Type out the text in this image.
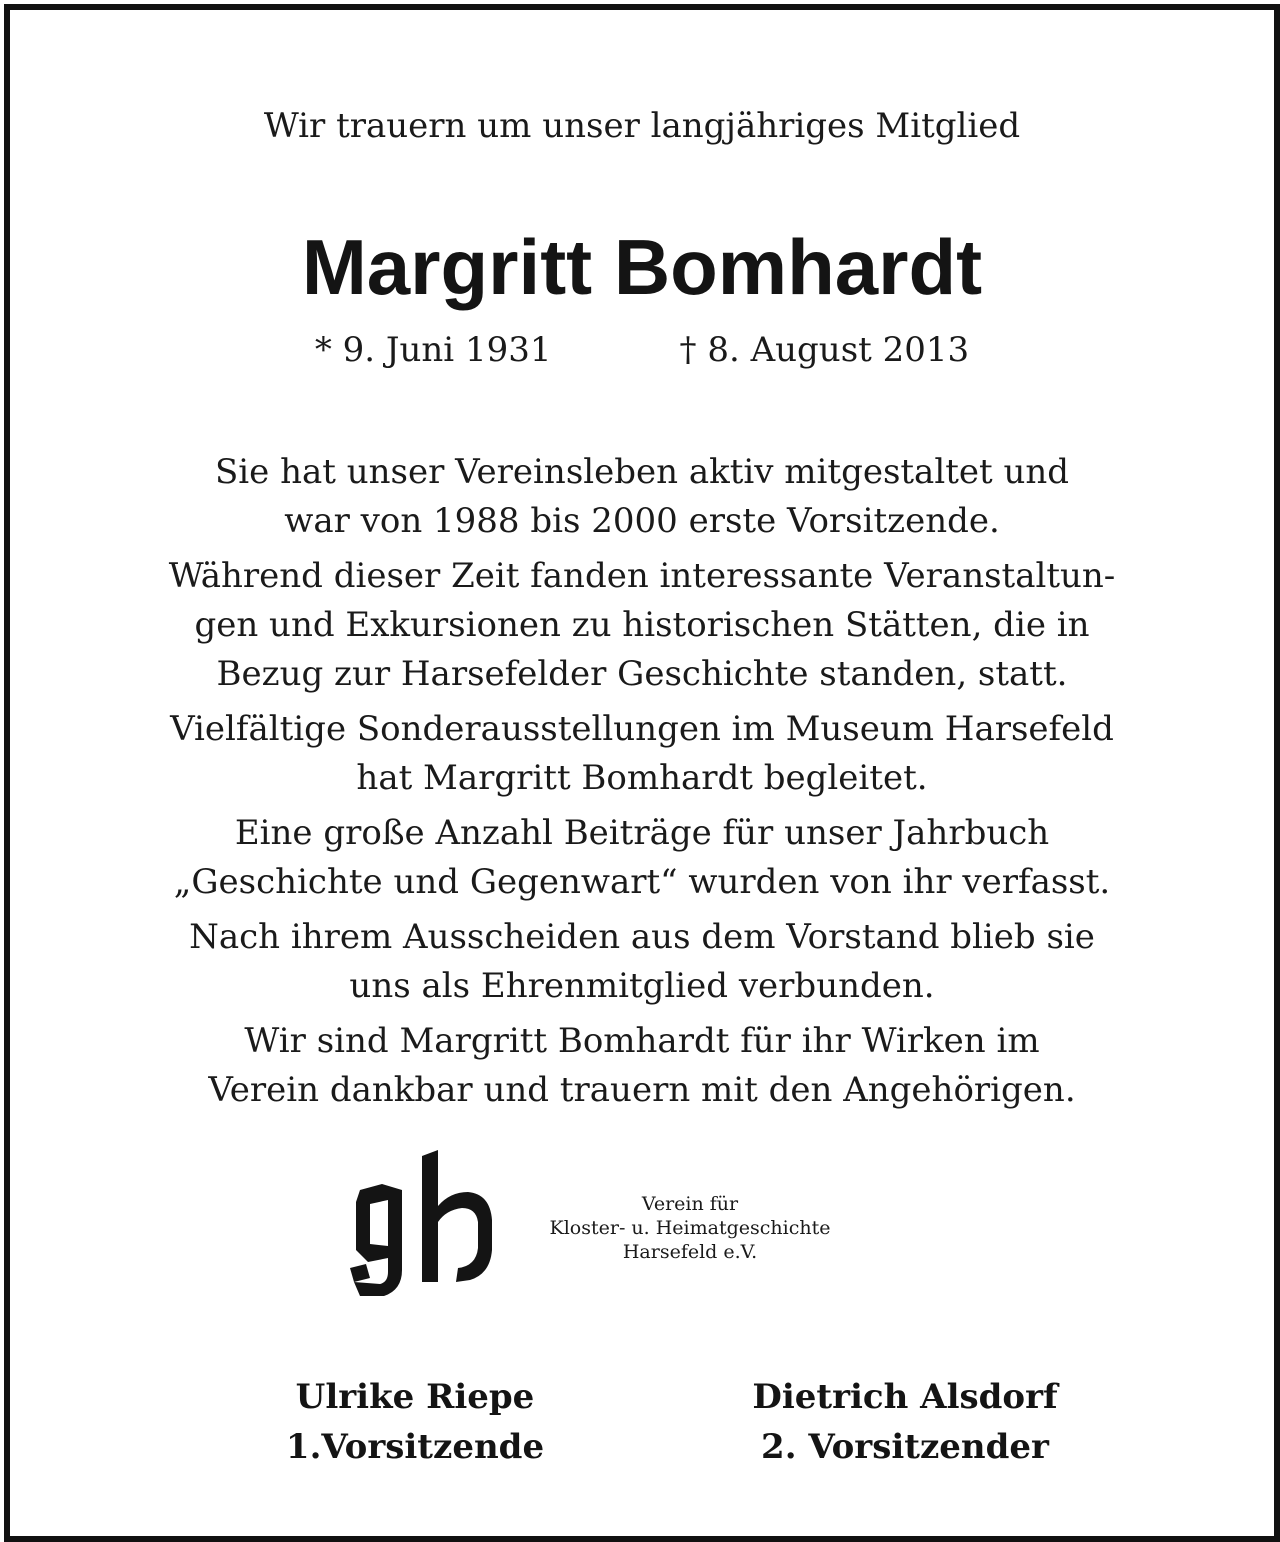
Wir trauern um unser langjähriges Mitglied
Margritt Bomhardt
* 9. Juni 1931	† 8. August 2013
Sie hat unser Vereinsleben aktiv mitgestaltet und
war von 1988 bis 2000 erste Vorsitzende.
Während dieser Zeit fanden interessante Veranstaltun-
gen und Exkursionen zu historischen Stätten, die in
Bezug zur Harsefelder Geschichte standen, statt.
Vielfältige Sonderausstellungen im Museum Harsefeld
hat Margritt Bomhardt begleitet.
Eine große Anzahl Beiträge für unser Jahrbuch
„Geschichte und Gegenwart“ wurden von ihr verfasst.
Nach ihrem Ausscheiden aus dem Vorstand blieb sie
uns als Ehrenmitglied verbunden.
Wir sind Margritt Bomhardt für ihr Wirken im
Verein dankbar und trauern mit den Angehörigen.
Verein für
Kloster- u. Heimatgeschichte
Harsefeld e.V.
Ulrike Riepe
1.Vorsitzende
Dietrich Alsdorf
2. Vorsitzender
